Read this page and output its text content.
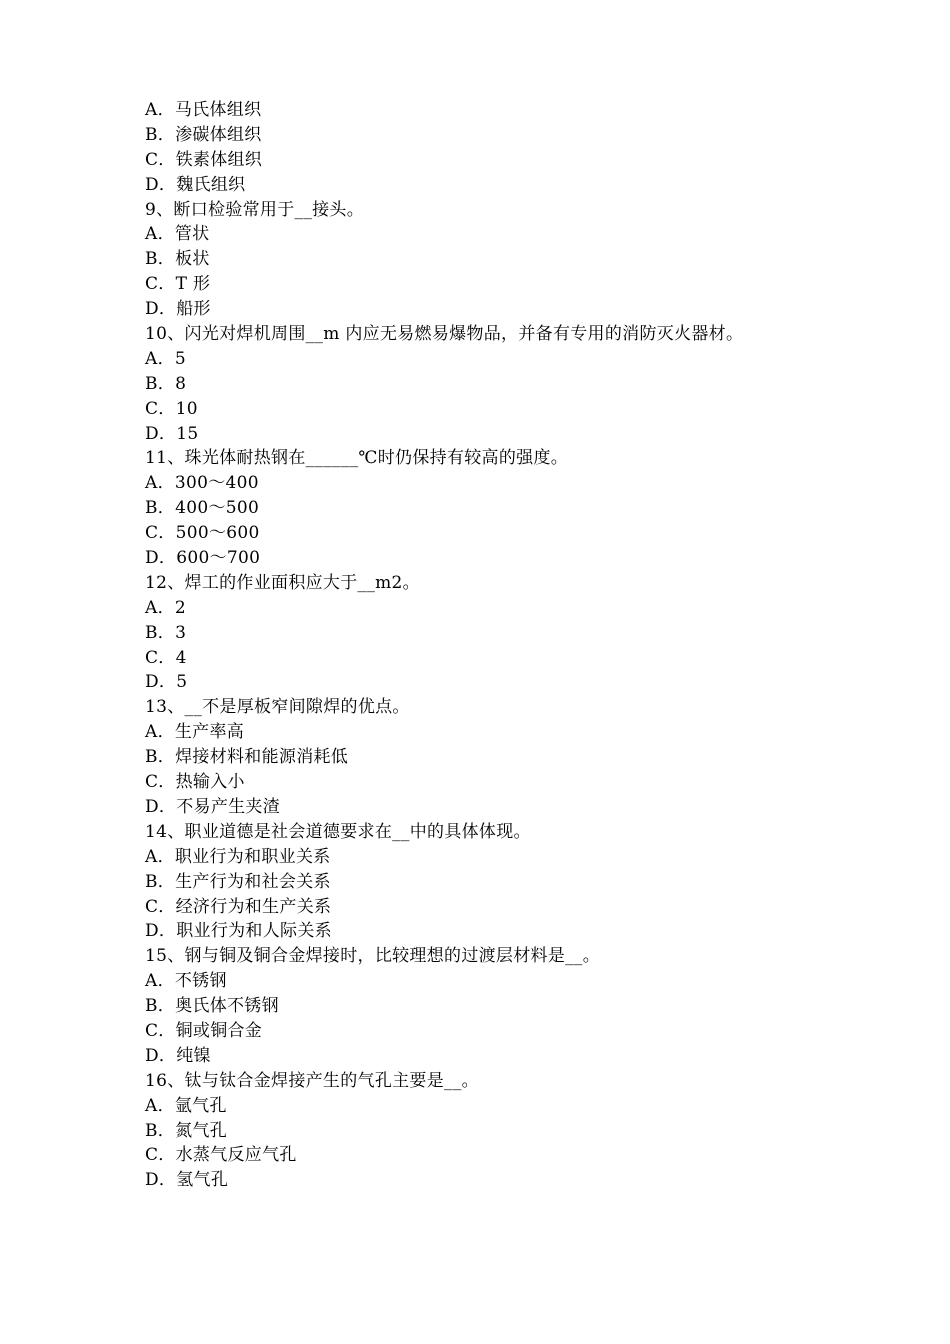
A．马氏体组织
B．渗碳体组织
C．铁素体组织
D．魏氏组织
9、断口检验常用于__接头。
A．管状
B．板状
C．T 形
D．船形
10、闪光对焊机周围__m 内应无易燃易爆物品，并备有专用的消防灭火器材。
A．5
B．8
C．10
D．15
11、珠光体耐热钢在______℃时仍保持有较高的强度。
A．300～400
B．400～500
C．500～600
D．600～700
12、焊工的作业面积应大于__m2。
A．2
B．3
C．4
D．5
13、__不是厚板窄间隙焊的优点。
A．生产率高
B．焊接材料和能源消耗低
C．热输入小
D．不易产生夹渣
14、职业道德是社会道德要求在__中的具体体现。
A．职业行为和职业关系
B．生产行为和社会关系
C．经济行为和生产关系
D．职业行为和人际关系
15、钢与铜及铜合金焊接时，比较理想的过渡层材料是__。
A．不锈钢
B．奥氏体不锈钢
C．铜或铜合金
D．纯镍
16、钛与钛合金焊接产生的气孔主要是__。
A．氩气孔
B．氮气孔
C．水蒸气反应气孔
D．氢气孔
